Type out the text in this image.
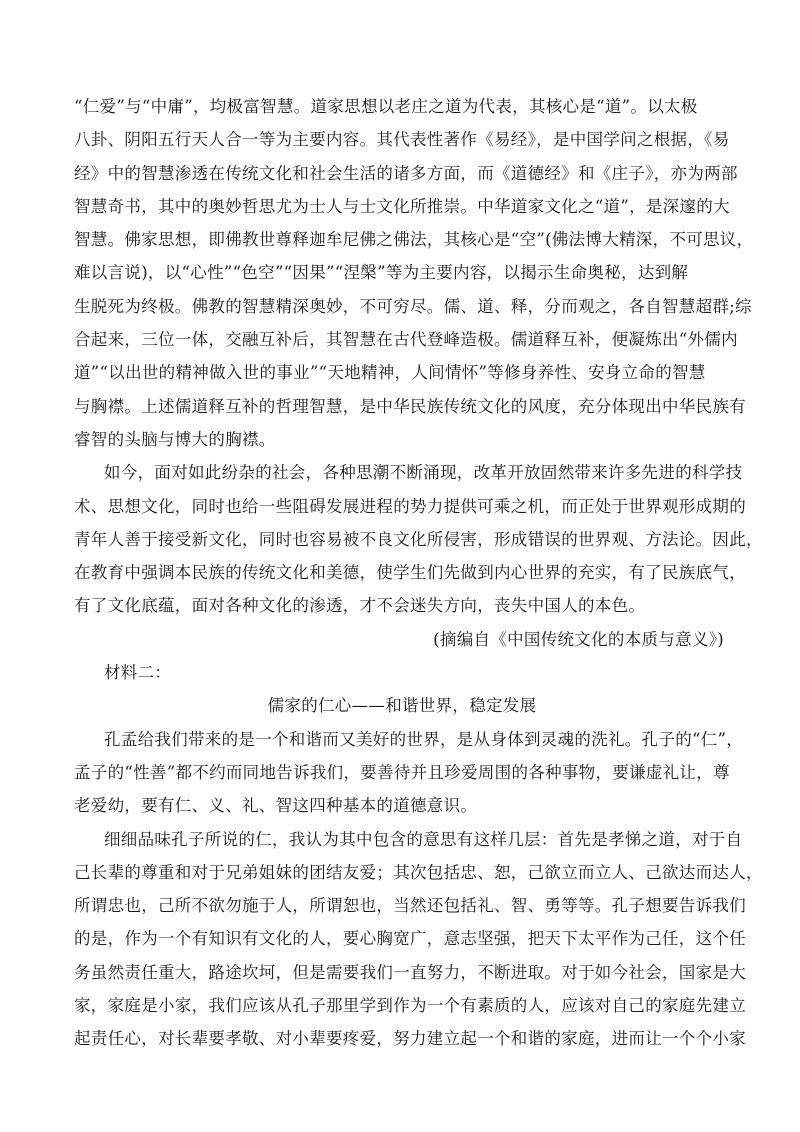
“仁爱”与“中庸”，均极富智慧。道家思想以老庄之道为代表，其核心是“道”。以太极
八卦、阴阳五行天人合一等为主要内容。其代表性著作《易经》，是中国学问之根据，《易
经》中的智慧渗透在传统文化和社会生活的诸多方面，而《道德经》和《庄子》，亦为两部
智慧奇书，其中的奥妙哲思尤为士人与士文化所推崇。中华道家文化之“道”，是深邃的大
智慧。佛家思想，即佛教世尊释迦牟尼佛之佛法，其核心是“空”(佛法博大精深，不可思议，
难以言说)，以“心性”“色空”“因果”“涅槃”等为主要内容，以揭示生命奥秘，达到解
生脱死为终极。佛教的智慧精深奥妙，不可穷尽。儒、道、释，分而观之，各自智慧超群;综
合起来，三位一体，交融互补后，其智慧在古代登峰造极。儒道释互补，便凝炼出“外儒内
道”“以出世的精神做入世的事业”“天地精神，人间情怀”等修身养性、安身立命的智慧
与胸襟。上述儒道释互补的哲理智慧，是中华民族传统文化的风度，充分体现出中华民族有
睿智的头脑与博大的胸襟。
如今，面对如此纷杂的社会，各种思潮不断涌现，改革开放固然带来许多先进的科学技
术、思想文化，同时也给一些阻碍发展进程的势力提供可乘之机，而正处于世界观形成期的
青年人善于接受新文化，同时也容易被不良文化所侵害，形成错误的世界观、方法论。因此，
在教育中强调本民族的传统文化和美德，使学生们先做到内心世界的充实，有了民族底气，
有了文化底蕴，面对各种文化的渗透，才不会迷失方向，丧失中国人的本色。
(摘编自《中国传统文化的本质与意义》)
材料二：
儒家的仁心——和谐世界，稳定发展
孔孟给我们带来的是一个和谐而又美好的世界，是从身体到灵魂的洗礼。孔子的“仁”，
孟子的“性善”都不约而同地告诉我们，要善待并且珍爱周围的各种事物，要谦虚礼让，尊
老爱幼，要有仁、义、礼、智这四种基本的道德意识。
细细品味孔子所说的仁，我认为其中包含的意思有这样几层：首先是孝悌之道，对于自
己长辈的尊重和对于兄弟姐妹的团结友爱；其次包括忠、恕，己欲立而立人、己欲达而达人，
所谓忠也，己所不欲勿施于人，所谓恕也，当然还包括礼、智、勇等等。孔子想要告诉我们
的是，作为一个有知识有文化的人，要心胸宽广，意志坚强，把天下太平作为己任，这个任
务虽然责任重大，路途坎坷，但是需要我们一直努力，不断进取。对于如今社会，国家是大
家，家庭是小家，我们应该从孔子那里学到作为一个有素质的人，应该对自己的家庭先建立
起责任心，对长辈要孝敬、对小辈要疼爱，努力建立起一个和谐的家庭，进而让一个个小家
